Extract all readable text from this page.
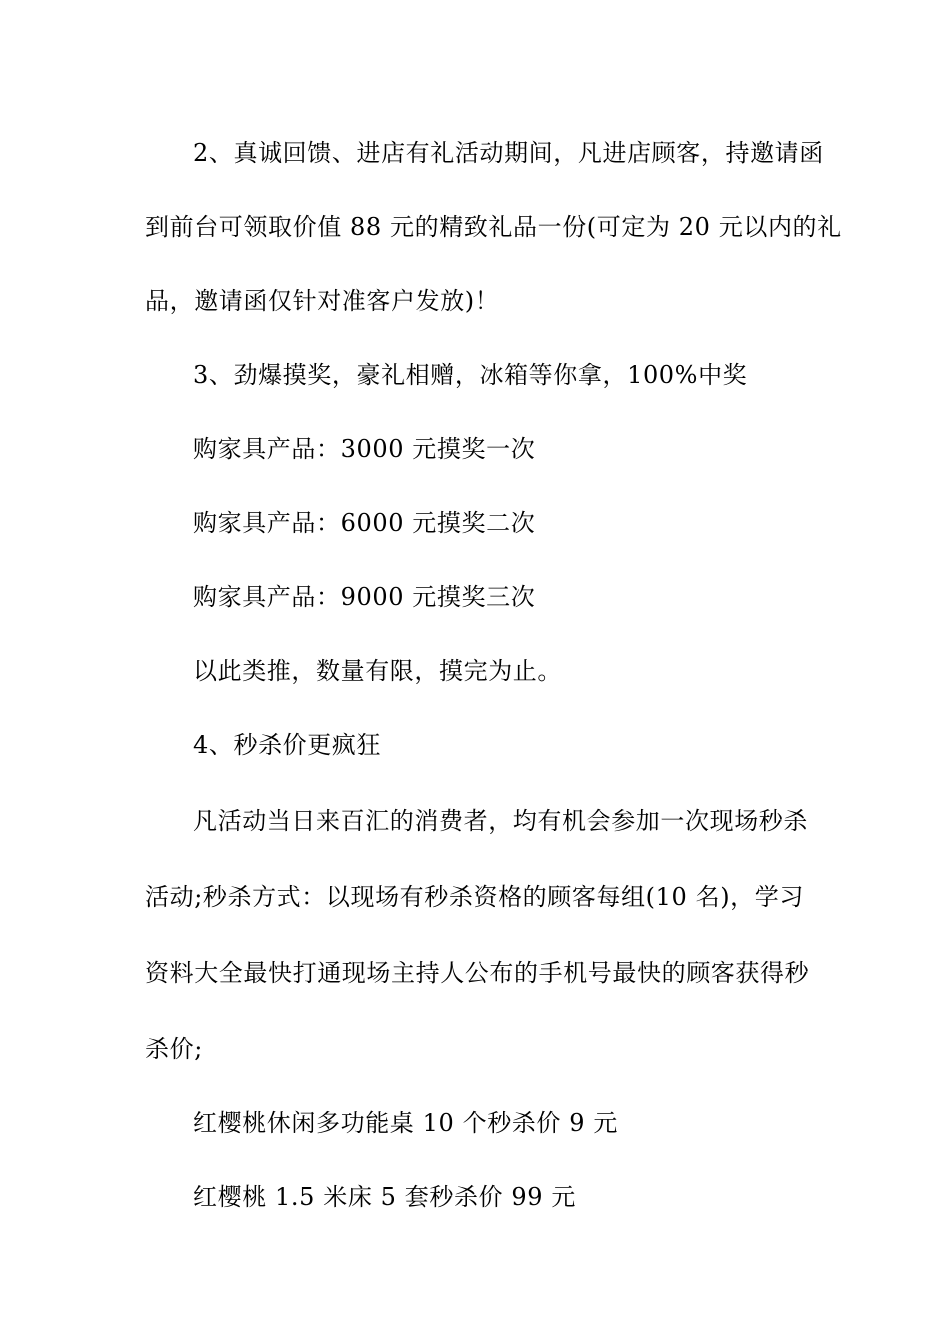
2、真诚回馈、进店有礼活动期间，凡进店顾客，持邀请函
到前台可领取价值 88 元的精致礼品一份(可定为 20 元以内的礼
品，邀请函仅针对准客户发放)！
3、劲爆摸奖，豪礼相赠，冰箱等你拿，100%中奖
购家具产品：3000 元摸奖一次
购家具产品：6000 元摸奖二次
购家具产品：9000 元摸奖三次
以此类推，数量有限，摸完为止。
4、秒杀价更疯狂
凡活动当日来百汇的消费者，均有机会参加一次现场秒杀
活动;秒杀方式：以现场有秒杀资格的顾客每组(10 名)，学习
资料大全最快打通现场主持人公布的手机号最快的顾客获得秒
杀价;
红樱桃休闲多功能桌 10 个秒杀价 9 元
红樱桃 1.5 米床 5 套秒杀价 99 元
